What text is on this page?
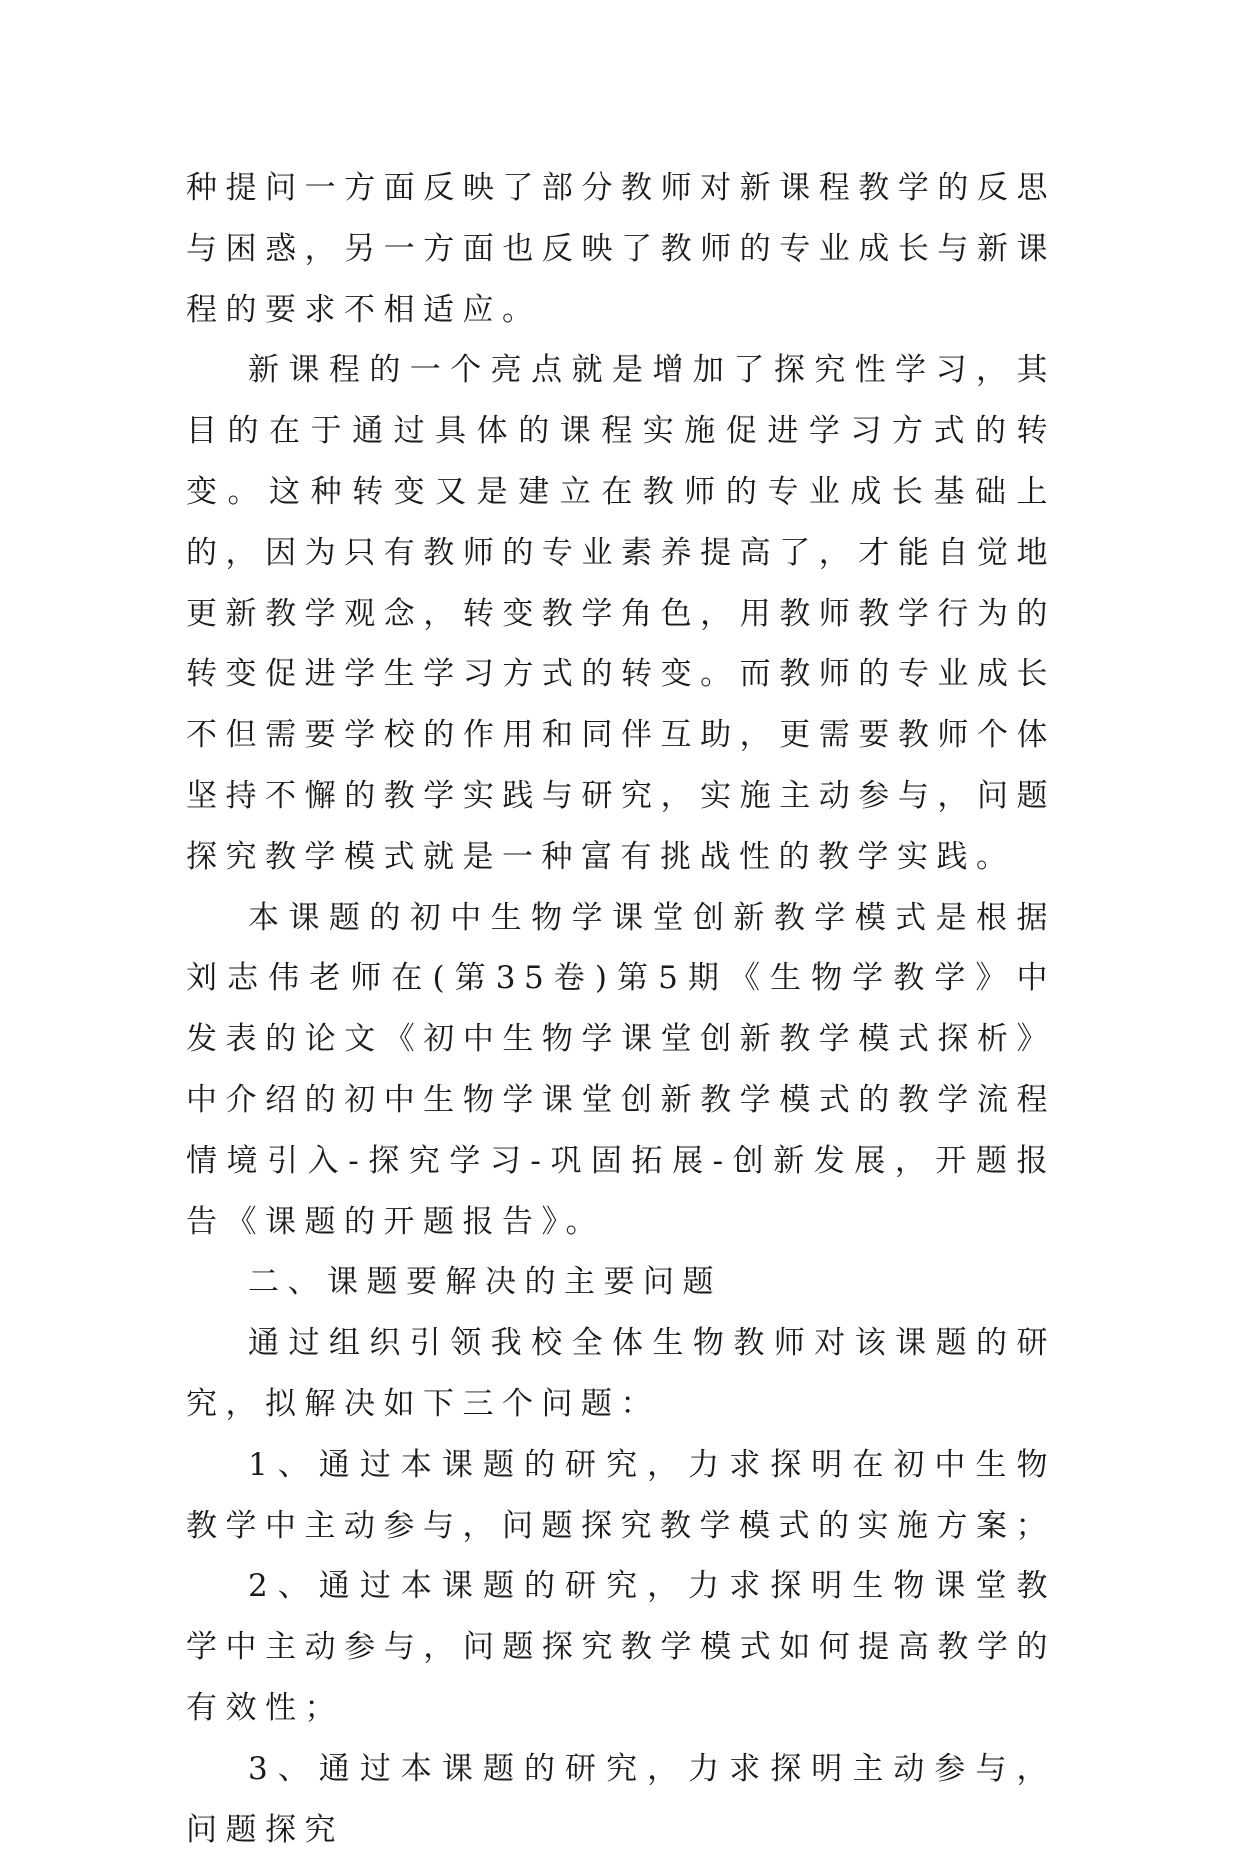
种提问一方面反映了部分教师对新课程教学的反思与困惑，另一方面也反映了教师的专业成长与新课程的要求不相适应。

新课程的一个亮点就是增加了探究性学习，其目的在于通过具体的课程实施促进学习方式的转变。这种转变又是建立在教师的专业成长基础上的，因为只有教师的专业素养提高了，才能自觉地更新教学观念，转变教学角色，用教师教学行为的转变促进学生学习方式的转变。而教师的专业成长不但需要学校的作用和同伴互助，更需要教师个体坚持不懈的教学实践与研究，实施主动参与，问题探究教学模式就是一种富有挑战性的教学实践。

本课题的初中生物学课堂创新教学模式是根据刘志伟老师在(第35卷)第5期《生物学教学》中发表的论文《初中生物学课堂创新教学模式探析》中介绍的初中生物学课堂创新教学模式的教学流程情境引入-探究学习-巩固拓展-创新发展，开题报告《课题的开题报告》。

二、课题要解决的主要问题

通过组织引领我校全体生物教师对该课题的研究，拟解决如下三个问题：

1、通过本课题的研究，力求探明在初中生物教学中主动参与，问题探究教学模式的实施方案；

2、通过本课题的研究，力求探明生物课堂教学中主动参与，问题探究教学模式如何提高教学的有效性；

3、通过本课题的研究，力求探明主动参与，问题探究
